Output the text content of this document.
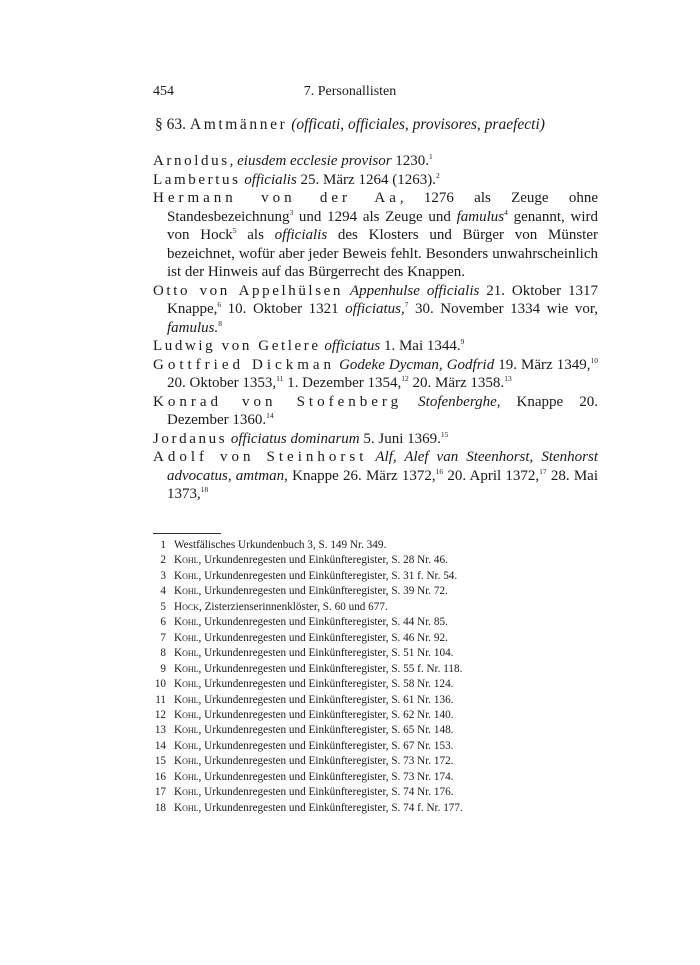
454	7. Personallisten
§ 63. Amtmänner (officati, officiales, provisores, praefecti)
Arnoldus, eiusdem ecclesie provisor 1230.$^1$
Lambertus officialis 25. März 1264 (1263).$^2$
Hermann von der Aa, 1276 als Zeuge ohne Standesbezeichnung$^3$ und 1294 als Zeuge und famulus$^4$ genannt, wird von Hock$^5$ als officialis des Klosters und Bürger von Münster bezeichnet, wofür aber jeder Beweis fehlt. Besonders unwahrscheinlich ist der Hinweis auf das Bürgerrecht des Knappen.
Otto von Appelhülsen Appenhulse officialis 21. Oktober 1317 Knappe,$^6$ 10. Oktober 1321 officiatus,$^7$ 30. November 1334 wie vor, famulus.$^8$
Ludwig von Getlere officiatus 1. Mai 1344.$^9$
Gottfried Dickman Godeke Dycman, Godfrid 19. März 1349,10 20. Oktober 1353,11 1. Dezember 1354,12 20. März 1358.13
Konrad von Stofenberg Stofenberghe, Knappe 20. Dezember 1360.14
Jordanus officiatus dominarum 5. Juni 1369.15
Adolf von Steinhorst Alf, Alef van Steenhorst, Stenhorst advocatus, amtman, Knappe 26. März 1372,16 20. April 1372,17 28. Mai 1373,18
1 Westfälisches Urkundenbuch 3, S. 149 Nr. 349.
2 Kohl, Urkundenregesten und Einkünfteregister, S. 28 Nr. 46.
3 Kohl, Urkundenregesten und Einkünfteregister, S. 31 f. Nr. 54.
4 Kohl, Urkundenregesten und Einkünfteregister, S. 39 Nr. 72.
5 Hock, Zisterzienserinnenklöster, S. 60 und 677.
6 Kohl, Urkundenregesten und Einkünfteregister, S. 44 Nr. 85.
7 Kohl, Urkundenregesten und Einkünfteregister, S. 46 Nr. 92.
8 Kohl, Urkundenregesten und Einkünfteregister, S. 51 Nr. 104.
9 Kohl, Urkundenregesten und Einkünfteregister, S. 55 f. Nr. 118.
10 Kohl, Urkundenregesten und Einkünfteregister, S. 58 Nr. 124.
11 Kohl, Urkundenregesten und Einkünfteregister, S. 61 Nr. 136.
12 Kohl, Urkundenregesten und Einkünfteregister, S. 62 Nr. 140.
13 Kohl, Urkundenregesten und Einkünfteregister, S. 65 Nr. 148.
14 Kohl, Urkundenregesten und Einkünfteregister, S. 67 Nr. 153.
15 Kohl, Urkundenregesten und Einkünfteregister, S. 73 Nr. 172.
16 Kohl, Urkundenregesten und Einkünfteregister, S. 73 Nr. 174.
17 Kohl, Urkundenregesten und Einkünfteregister, S. 74 Nr. 176.
18 Kohl, Urkundenregesten und Einkünfteregister, S. 74 f. Nr. 177.
